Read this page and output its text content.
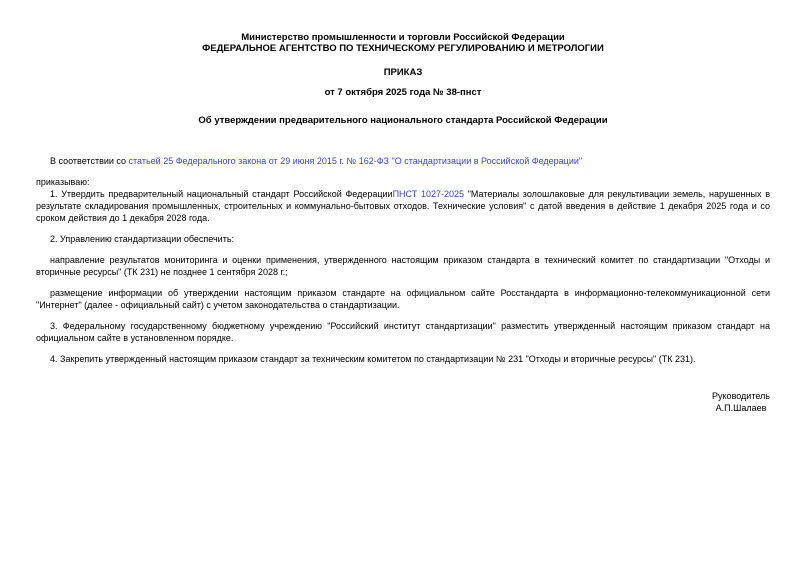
Министерство промышленности и торговли Российской Федерации

ФЕДЕРАЛЬНОЕ АГЕНТСТВО ПО ТЕХНИЧЕСКОМУ РЕГУЛИРОВАНИЮ И МЕТРОЛОГИИ

ПРИКАЗ

от 7 октября 2025 года № 38-пнст

Об утверждении предварительного национального стандарта Российской Федерации

В соответствии со статьей 25 Федерального закона от 29 июня 2015 г. № 162-ФЗ "О стандартизации в Российской Федерации"

приказываю:

1. Утвердить предварительный национальный стандарт Российской ФедерацииПНСТ 1027-2025 "Материалы золошлаковые для рекультивации земель, нарушенных в результате складирования промышленных, строительных и коммунально-бытовых отходов. Технические условия" с датой введения в действие 1 декабря 2025 года и со сроком действия до 1 декабря 2028 года.

2. Управлению стандартизации обеспечить:

направление результатов мониторинга и оценки применения, утвержденного настоящим приказом стандарта в технический комитет по стандартизации "Отходы и вторичные ресурсы" (ТК 231) не позднее 1 сентября 2028 г.;

размещение информации об утверждении настоящим приказом стандарте на официальном сайте Росстандарта в информационно-телекоммуникационной сети "Интернет" (далее - официальный сайт) с учетом законодательства о стандартизации.

3. Федеральному государственному бюджетному учреждению "Российский институт стандартизации" разместить утвержденный настоящим приказом стандарт на официальном сайте в установленном порядке.

4. Закрепить утвержденный настоящим приказом стандарт за техническим комитетом по стандартизации № 231 "Отходы и вторичные ресурсы" (ТК 231).

Руководитель

А.П.Шалаев
